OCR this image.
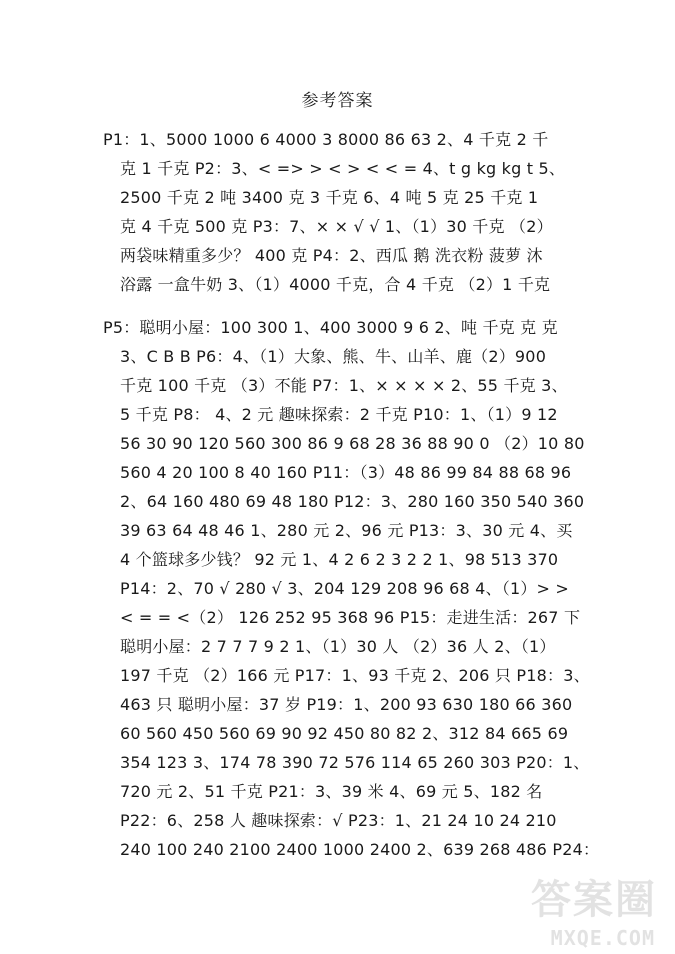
参考答案
P1：1、5000 1000 6 4000 3 8000 86 63 2、4 千克 2 千
克 1 千克 P2：3、< => > < > < < = 4、t g kg kg t 5、
2500 千克 2 吨 3400 克 3 千克 6、4 吨 5 克 25 千克 1
克 4 千克 500 克 P3：7、× × √ √ 1、（1）30 千克 （2）
两袋味精重多少？ 400 克 P4：2、西瓜 鹅 洗衣粉 菠萝 沐
浴露 一盒牛奶 3、（1）4000 千克，合 4 千克 （2）1 千克
P5：聪明小屋：100 300 1、400 3000 9 6 2、吨 千克 克 克
3、C B B P6：4、（1）大象、熊、牛、山羊、鹿（2）900
千克 100 千克 （3）不能 P7：1、× × × × 2、55 千克 3、
5 千克 P8： 4、2 元 趣味探索：2 千克 P10：1、（1）9 12
56 30 90 120 560 300 86 9 68 28 36 88 90 0 （2）10 80
560 4 20 100 8 40 160 P11：（3）48 86 99 84 88 68 96
2、64 160 480 69 48 180 P12：3、280 160 350 540 360
39 63 64 48 46 1、280 元 2、96 元 P13：3、30 元 4、买
4 个篮球多少钱？ 92 元 1、4 2 6 2 3 2 2 1、98 513 370
P14：2、70 √ 280 √ 3、204 129 208 96 68 4、（1）> >
< = = <（2） 126 252 95 368 96 P15：走进生活：267 下
聪明小屋：2 7 7 7 9 2 1、（1）30 人 （2）36 人 2、（1）
197 千克 （2）166 元 P17：1、93 千克 2、206 只 P18：3、
463 只 聪明小屋：37 岁 P19：1、200 93 630 180 66 360
60 560 450 560 69 90 92 450 80 82 2、312 84 665 69
354 123 3、174 78 390 72 576 114 65 260 303 P20：1、
720 元 2、51 千克 P21：3、39 米 4、69 元 5、182 名
P22：6、258 人 趣味探索：√ P23：1、21 24 10 24 210
240 100 240 2100 2400 1000 2400 2、639 268 486 P24：
答案圈
MXQE.COM
